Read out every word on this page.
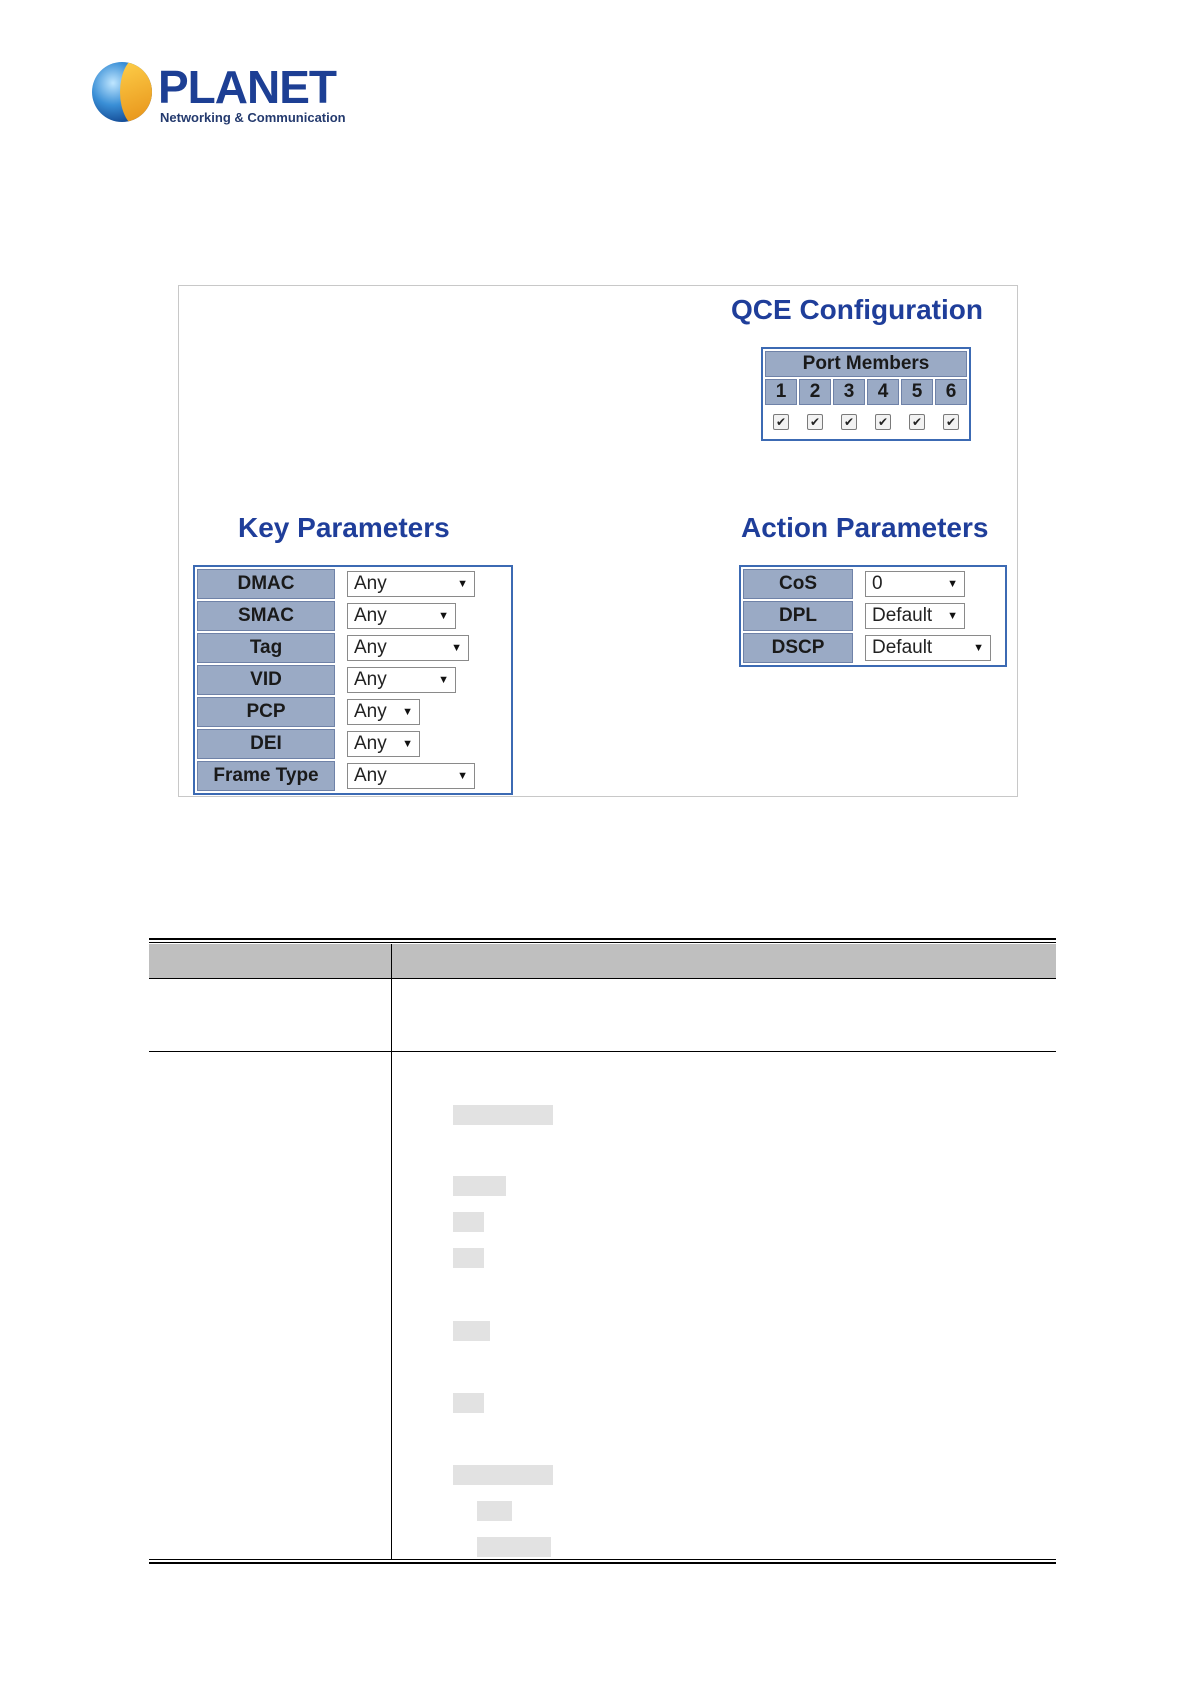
PLANET
Networking & Communication
QCE Configuration
Port Members					
1	2	3	4	5	6
✔	✔	✔	✔	✔	✔
Key Parameters	Action Parameters
DMAC	Any ▼

SMAC	Any ▼

Tag	Any ▼

VID	Any ▼

PCP	Any ▼

DEI	Any ▼

Frame Type	Any ▼
CoS	0 ▼

DPL	Default ▼

DSCP	Default ▼
